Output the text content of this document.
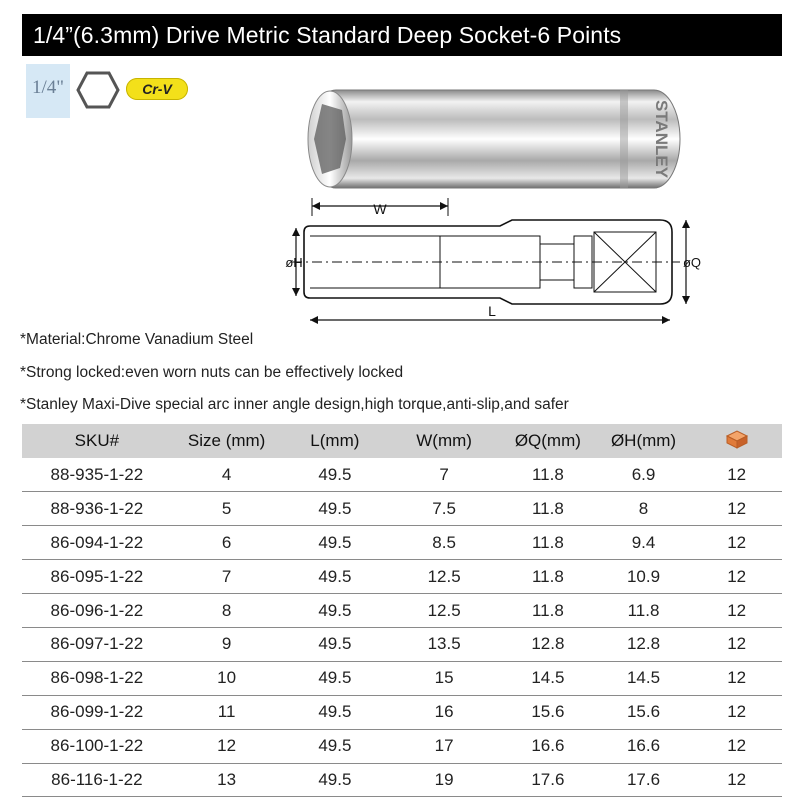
1/4”(6.3mm) Drive Metric Standard Deep Socket-6 Points
1/4"	Cr-V
STANLEY
W
øH	øQ
L
*Material:Chrome Vanadium Steel
*Strong locked:even worn nuts can be effectively locked
*Stanley Maxi-Dive special arc inner angle design,high torque,anti-slip,and safer
SKU#	Size (mm)	L(mm)	W(mm)	ØQ(mm)	ØH(mm)	
88-935-1-22	4	49.5	7	11.8	6.9	12
88-936-1-22	5	49.5	7.5	11.8	8	12
86-094-1-22	6	49.5	8.5	11.8	9.4	12
86-095-1-22	7	49.5	12.5	11.8	10.9	12
86-096-1-22	8	49.5	12.5	11.8	11.8	12
86-097-1-22	9	49.5	13.5	12.8	12.8	12
86-098-1-22	10	49.5	15	14.5	14.5	12
86-099-1-22	11	49.5	16	15.6	15.6	12
86-100-1-22	12	49.5	17	16.6	16.6	12
86-116-1-22	13	49.5	19	17.6	17.6	12
